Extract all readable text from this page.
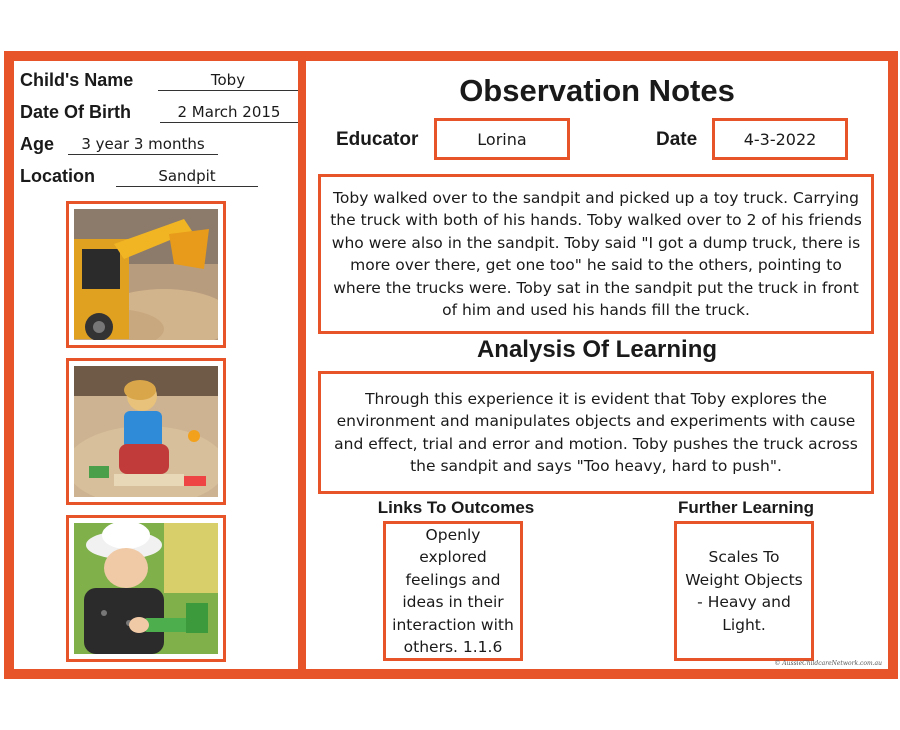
Child's Name	Toby
Date Of Birth	2 March 2015
Age	3 year 3 months
Location	Sandpit
Observation Notes
Educator	Lorina	Date	4-3-2022
Toby walked over to the sandpit and picked up a toy truck. Carrying the truck with both of his hands. Toby walked over to 2 of his friends who were also in the sandpit. Toby said "I got a dump truck, there is more over there, get one too" he said to the others, pointing to where the trucks were. Toby sat in the sandpit put the truck in front of him and used his hands fill the truck.
Analysis Of Learning
Through this experience it is evident that Toby explores the environment and manipulates objects and experiments with cause and effect, trial and error and motion. Toby pushes the truck across the sandpit and says "Too heavy, hard to push".
Links To Outcomes
Openly explored feelings and ideas in their interaction with others. 1.1.6
Further Learning
Scales To Weight Objects - Heavy and Light.
© AussieChildcareNetwork.com.au
